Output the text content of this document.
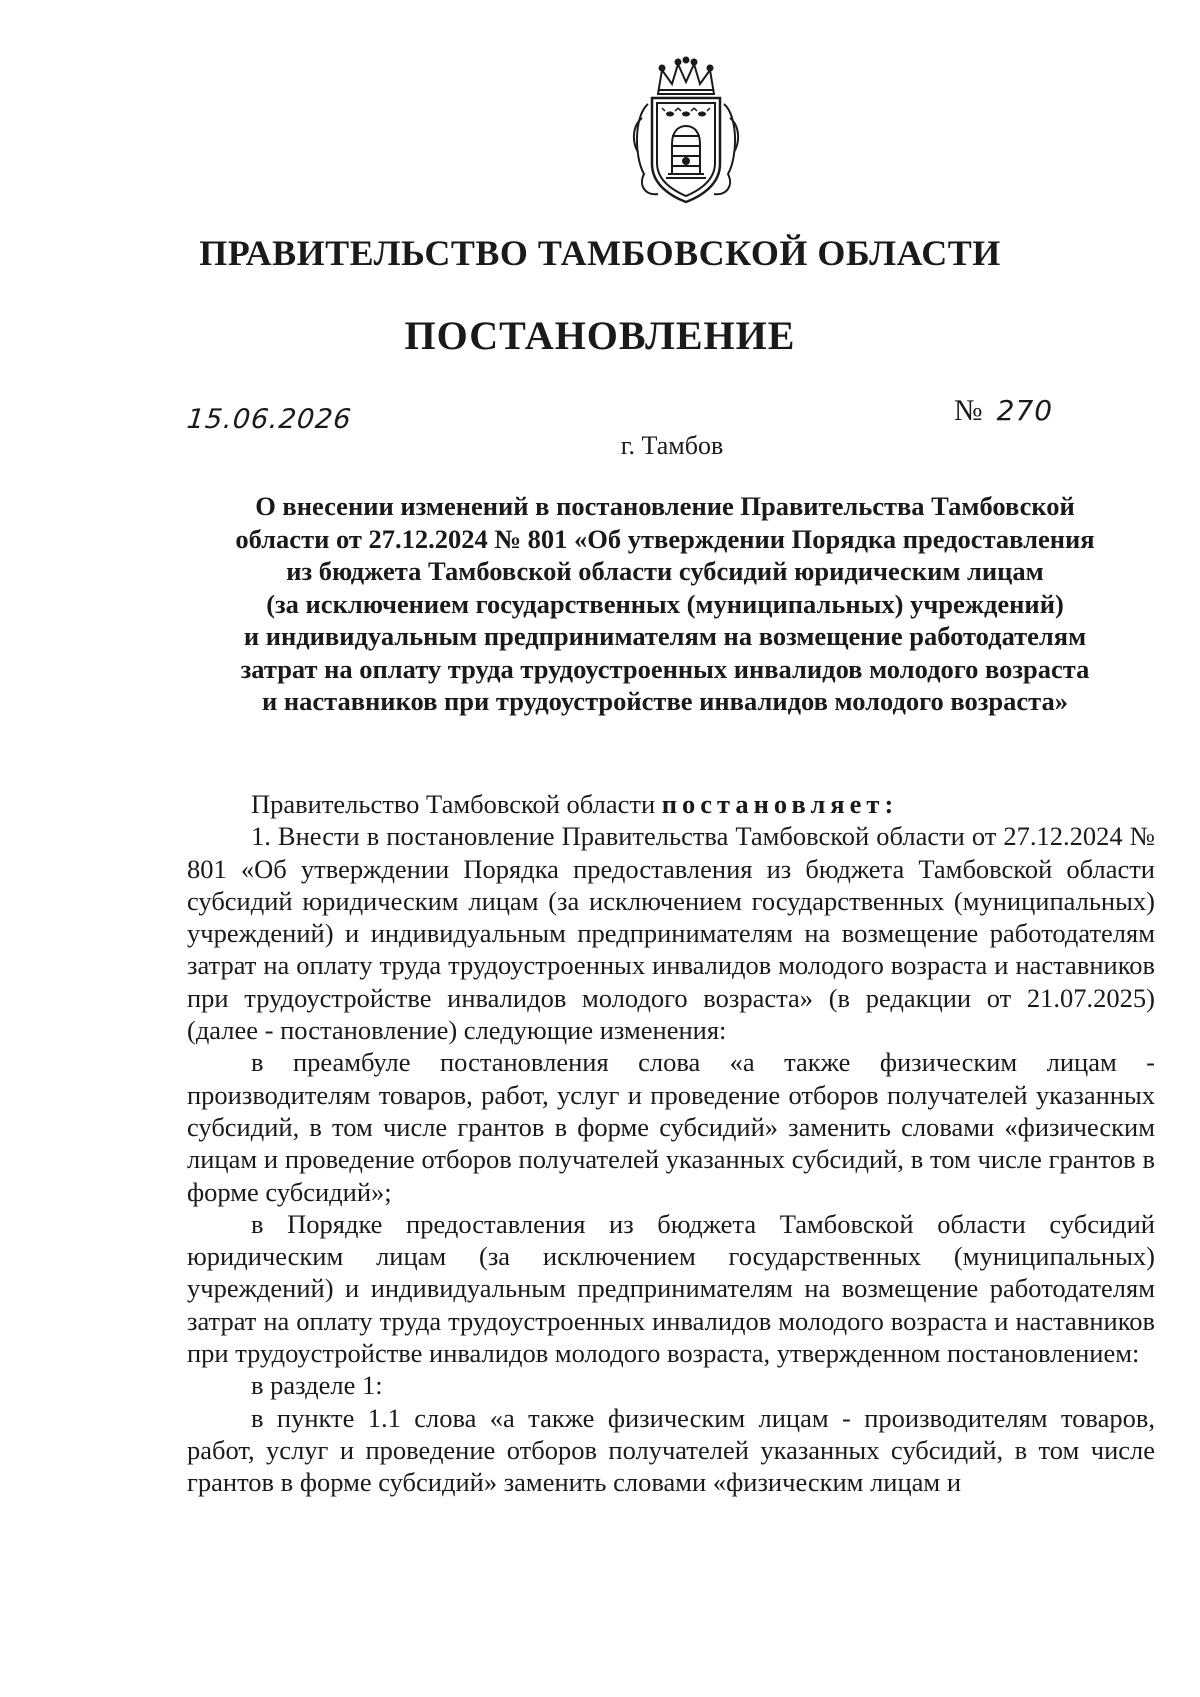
ПРАВИТЕЛЬСТВО ТАМБОВСКОЙ ОБЛАСТИ
ПОСТАНОВЛЕНИЕ
15.06.2026	№ 270
г. Тамбов
О внесении изменений в постановление Правительства Тамбовской
области от 27.12.2024 № 801 «Об утверждении Порядка предоставления
из бюджета Тамбовской области субсидий юридическим лицам
(за исключением государственных (муниципальных) учреждений)
и индивидуальным предпринимателям на возмещение работодателям
затрат на оплату труда трудоустроенных инвалидов молодого возраста
и наставников при трудоустройстве инвалидов молодого возраста»

Правительство Тамбовской области постановляет:

1. Внести в постановление Правительства Тамбовской области от 27.12.2024 № 801 «Об утверждении Порядка предоставления из бюджета Тамбовской области субсидий юридическим лицам (за исключением государственных (муниципальных) учреждений) и индивидуальным предпринимателям на возмещение работодателям затрат на оплату труда трудоустроенных инвалидов молодого возраста и наставников при трудоустройстве инвалидов молодого возраста» (в редакции от 21.07.2025) (далее - постановление) следующие изменения:

в преамбуле постановления слова «а также физическим лицам - производителям товаров, работ, услуг и проведение отборов получателей указанных субсидий, в том числе грантов в форме субсидий» заменить словами «физическим лицам и проведение отборов получателей указанных субсидий, в том числе грантов в форме субсидий»;

в Порядке предоставления из бюджета Тамбовской области субсидий юридическим лицам (за исключением государственных (муниципальных) учреждений) и индивидуальным предпринимателям на возмещение работодателям затрат на оплату труда трудоустроенных инвалидов молодого возраста и наставников при трудоустройстве инвалидов молодого возраста, утвержденном постановлением:

в разделе 1:

в пункте 1.1 слова «а также физическим лицам - производителям товаров, работ, услуг и проведение отборов получателей указанных субсидий, в том числе грантов в форме субсидий» заменить словами «физическим лицам и
